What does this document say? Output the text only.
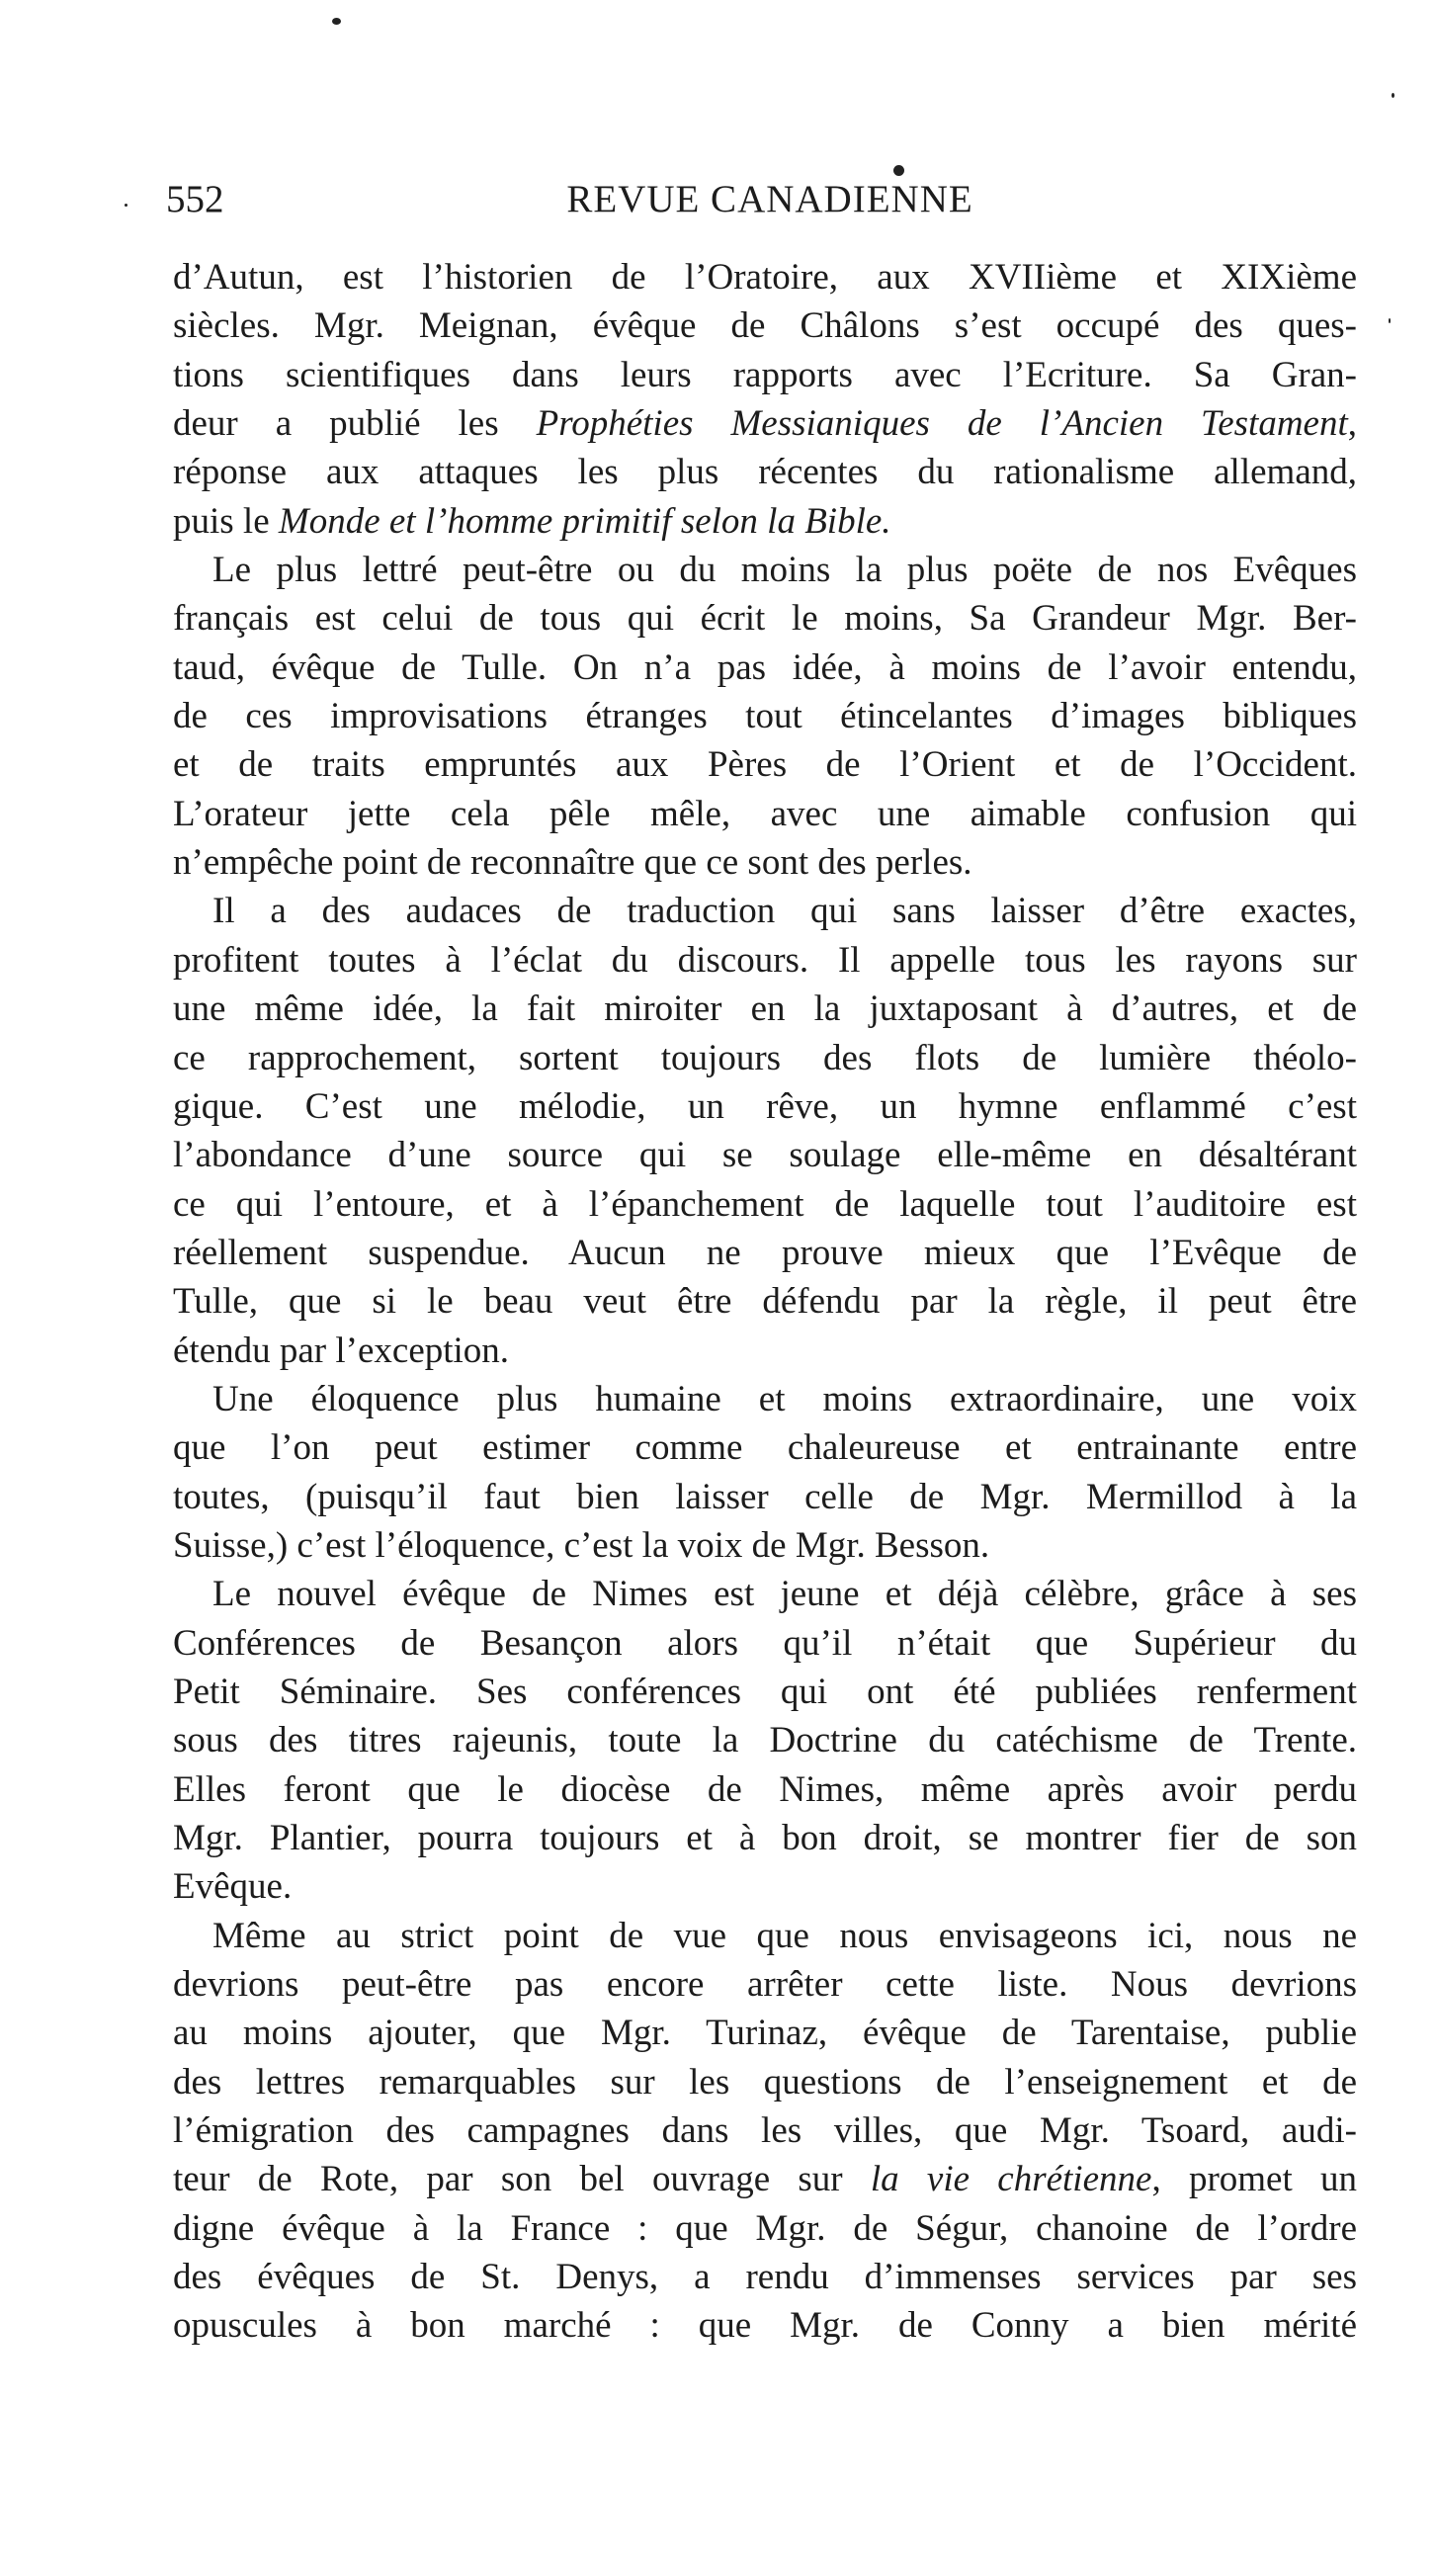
552	REVUE CANADIENNE
d’Autun, est l’historien de l’Oratoire, aux XVIIième et XIXième
siècles. Mgr. Meignan, évêque de Châlons s’est occupé des ques-
tions scientifiques dans leurs rapports avec l’Ecriture. Sa Gran-
deur a publié les Prophéties Messianiques de l’Ancien Testament,
réponse aux attaques les plus récentes du rationalisme allemand,
puis le Monde et l’homme primitif selon la Bible.
Le plus lettré peut-être ou du moins la plus poëte de nos Evêques
français est celui de tous qui écrit le moins, Sa Grandeur Mgr. Ber-
taud, évêque de Tulle. On n’a pas idée, à moins de l’avoir entendu,
de ces improvisations étranges tout étincelantes d’images bibliques
et de traits empruntés aux Pères de l’Orient et de l’Occident.
L’orateur jette cela pêle mêle, avec une aimable confusion qui
n’empêche point de reconnaître que ce sont des perles.
Il a des audaces de traduction qui sans laisser d’être exactes,
profitent toutes à l’éclat du discours. Il appelle tous les rayons sur
une même idée, la fait miroiter en la juxtaposant à d’autres, et de
ce rapprochement, sortent toujours des flots de lumière théolo-
gique. C’est une mélodie, un rêve, un hymne enflammé c’est
l’abondance d’une source qui se soulage elle-même en désaltérant
ce qui l’entoure, et à l’épanchement de laquelle tout l’auditoire est
réellement suspendue. Aucun ne prouve mieux que l’Evêque de
Tulle, que si le beau veut être défendu par la règle, il peut être
étendu par l’exception.
Une éloquence plus humaine et moins extraordinaire, une voix
que l’on peut estimer comme chaleureuse et entrainante entre
toutes, (puisqu’il faut bien laisser celle de Mgr. Mermillod à la
Suisse,) c’est l’éloquence, c’est la voix de Mgr. Besson.
Le nouvel évêque de Nimes est jeune et déjà célèbre, grâce à ses
Conférences de Besançon alors qu’il n’était que Supérieur du
Petit Séminaire. Ses conférences qui ont été publiées renferment
sous des titres rajeunis, toute la Doctrine du catéchisme de Trente.
Elles feront que le diocèse de Nimes, même après avoir perdu
Mgr. Plantier, pourra toujours et à bon droit, se montrer fier de son
Evêque.
Même au strict point de vue que nous envisageons ici, nous ne
devrions peut-être pas encore arrêter cette liste. Nous devrions
au moins ajouter, que Mgr. Turinaz, évêque de Tarentaise, publie
des lettres remarquables sur les questions de l’enseignement et de
l’émigration des campagnes dans les villes, que Mgr. Tsoard, audi-
teur de Rote, par son bel ouvrage sur la vie chrétienne, promet un
digne évêque à la France : que Mgr. de Ségur, chanoine de l’ordre
des évêques de St. Denys, a rendu d’immenses services par ses
opuscules à bon marché : que Mgr. de Conny a bien mérité
